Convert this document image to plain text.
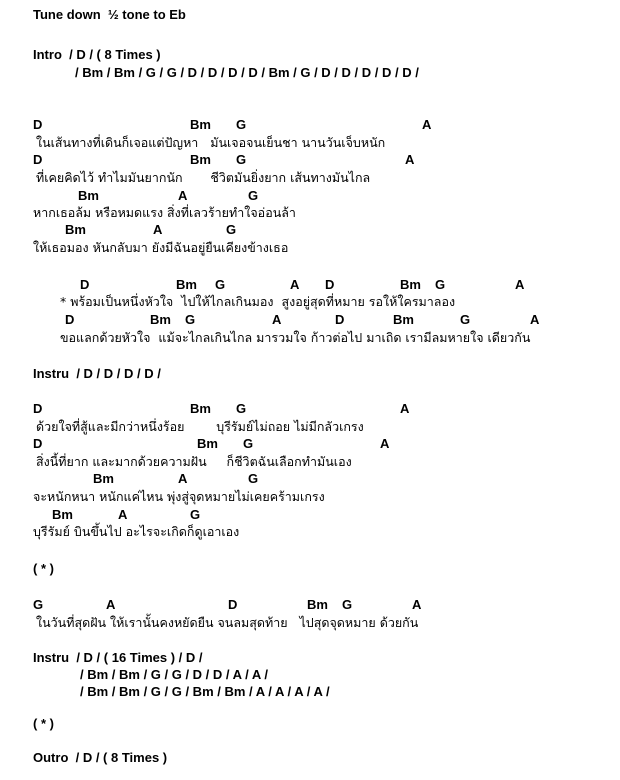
Tune down  ½ tone to Eb
Intro  / D / ( 8 Times )
/ Bm / Bm / G / G / D / D / D / D / Bm / G / D / D / D / D / D /
D	Bm G	A
ในเส้นทางที่เดินก็เจอแต่ปัญหา   มันเจอจนเย็นชา นานวันเจ็บหนัก
D	Bm G	A
ที่เคยคิดไว้ ทำไมมันยากนัก       ชีวิตมันยิ่งยาก เส้นทางมันไกล
Bm	A	G
หากเธอล้ม หรือหมดแรง สิ่งที่เลวร้ายทำใจอ่อนล้า
Bm	A	G
ให้เธอมอง หันกลับมา ยังมีฉันอยู่ยืนเคียงข้างเธอ
D	Bm G	A D	Bm G	A
* พร้อมเป็นหนึ่งหัวใจ  ไปให้ไกลเกินมอง  สูงอยู่สุดที่หมาย รอให้ใครมาลอง
D	Bm G	A	D	Bm	G	A
ขอแลกด้วยหัวใจ  แม้จะไกลเกินไกล มารวมใจ ก้าวต่อไป มาเถิด เรามีลมหายใจ เดียวกัน
Instru  / D / D / D / D /
D	Bm G	A
ด้วยใจที่สู้และมีกว่าหนึ่งร้อย        บุรีรัมย์ไม่ถอย ไม่มีกลัวเกรง
D	Bm G	A
สิ่งนี้ที่ยาก และมากด้วยความฝัน     ก็ชีวิตฉันเลือกทำมันเอง
Bm	A	G
จะหนักหนา หนักแค่ไหน พุ่งสู่จุดหมายไม่เคยคร้ามเกรง
Bm	A	G
บุรีรัมย์ บินขึ้นไป อะไรจะเกิดก็ดูเอาเอง
( * )
G	A	D	Bm G	A
ในวันที่สุดฝัน ให้เรานั้นคงหยัดยืน จนลมสุดท้าย   ไปสุดจุดหมาย ด้วยกัน
Instru  / D / ( 16 Times ) / D /
/ Bm / Bm / G / G / D / D / A / A /
/ Bm / Bm / G / G / Bm / Bm / A / A / A / A /
( * )
Outro  / D / ( 8 Times )
